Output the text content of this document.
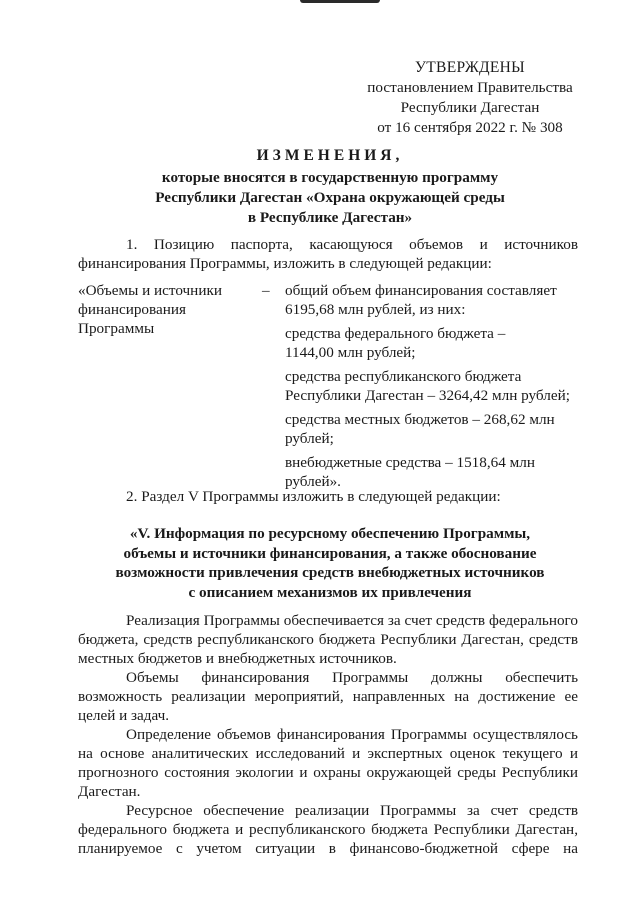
УТВЕРЖДЕНЫ
постановлением Правительства
Республики Дагестан
от 16 сентября 2022 г. № 308
ИЗМЕНЕНИЯ,
которые вносятся в государственную программу
Республики Дагестан «Охрана окружающей среды
в Республике Дагестан»
1. Позицию паспорта, касающуюся объемов и источников
финансирования Программы, изложить в следующей редакции:
«Объемы и источники
финансирования
Программы
– общий объем финансирования составляет
6195,68 млн рублей, из них:
средства федерального бюджета –
1144,00 млн рублей;
средства республиканского бюджета
Республики Дагестан – 3264,42 млн рублей;
средства местных бюджетов – 268,62 млн
рублей;
внебюджетные средства – 1518,64 млн
рублей».
2. Раздел V Программы изложить в следующей редакции:
«V. Информация по ресурсному обеспечению Программы,
объемы и источники финансирования, а также обоснование
возможности привлечения средств внебюджетных источников
с описанием механизмов их привлечения
Реализация Программы обеспечивается за счет средств федерального
бюджета, средств республиканского бюджета Республики Дагестан, средств
местных бюджетов и внебюджетных источников.
Объемы финансирования Программы должны обеспечить
возможность реализации мероприятий, направленных на достижение ее
целей и задач.
Определение объемов финансирования Программы осуществлялось
на основе аналитических исследований и экспертных оценок текущего и
прогнозного состояния экологии и охраны окружающей среды Республики
Дагестан.
Ресурсное обеспечение реализации Программы за счет средств
федерального бюджета и республиканского бюджета Республики Дагестан,
планируемое с учетом ситуации в финансово-бюджетной сфере на
